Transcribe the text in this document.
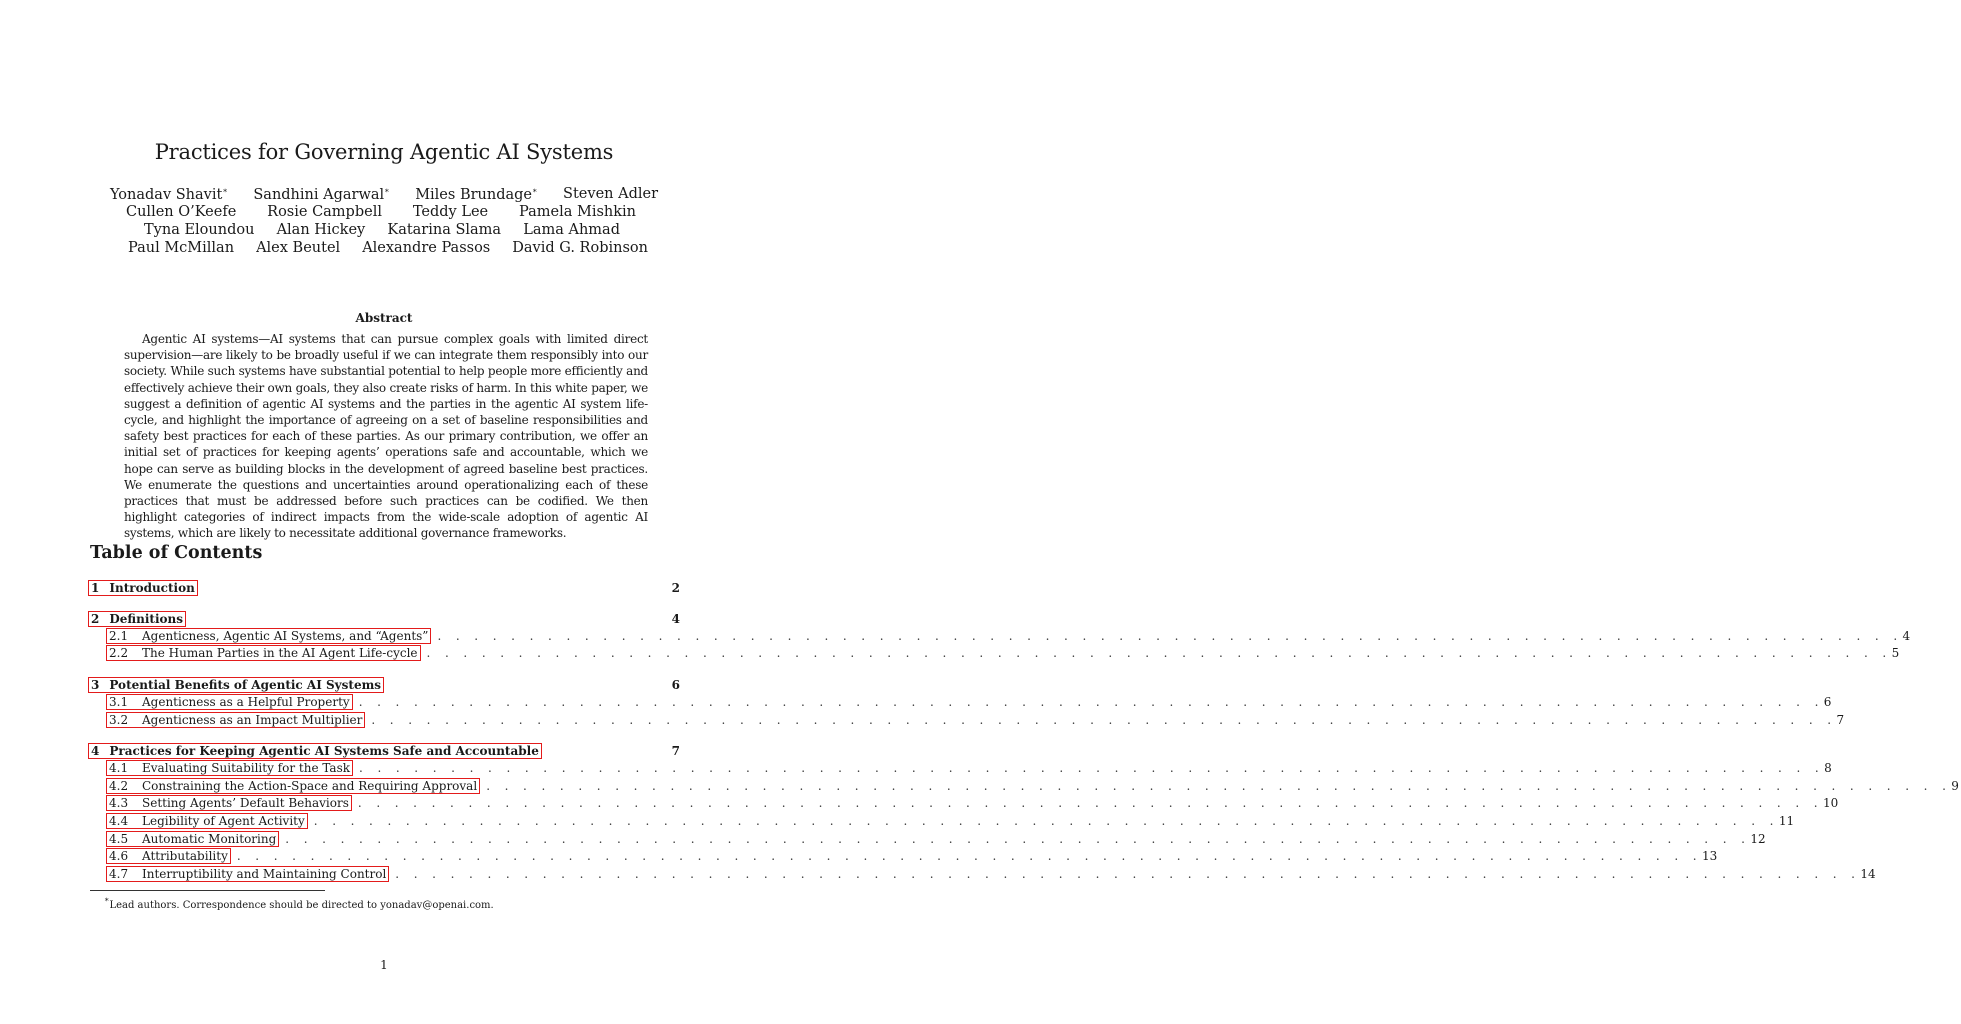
Practices for Governing Agentic AI Systems
Yonadav Shavit∗ Sandhini Agarwal∗ Miles Brundage∗ Steven Adler
Cullen O’Keefe Rosie Campbell Teddy Lee Pamela Mishkin
Tyna Eloundou Alan Hickey Katarina Slama Lama Ahmad
Paul McMillan Alex Beutel Alexandre Passos David G. Robinson
Abstract
Agentic AI systems—AI systems that can pursue complex goals with limited direct supervision—are likely to be broadly useful if we can integrate them responsibly into our society. While such systems have substantial potential to help people more efficiently and effectively achieve their own goals, they also create risks of harm. In this white paper, we suggest a definition of agentic AI systems and the parties in the agentic AI system life-cycle, and highlight the importance of agreeing on a set of baseline responsibilities and safety best practices for each of these parties. As our primary contribution, we offer an initial set of practices for keeping agents’ operations safe and accountable, which we hope can serve as building blocks in the development of agreed baseline best practices. We enumerate the questions and uncertainties around operationalizing each of these practices that must be addressed before such practices can be codified. We then highlight categories of indirect impacts from the wide-scale adoption of agentic AI systems, which are likely to necessitate additional governance frameworks.
Table of Contents
1 Introduction	2
2 Definitions	4
2.1	Agenticness, Agentic AI Systems, and “Agents” . . . . . . . . . . . . . . . . . . . . . . . . . . . . . . . . . . . . . . . . . . . . . . . . . . . . . . . . . . . . . . . . . . . . . . . . . . . . . . . . 4
2.2	The Human Parties in the AI Agent Life-cycle . . . . . . . . . . . . . . . . . . . . . . . . . . . . . . . . . . . . . . . . . . . . . . . . . . . . . . . . . . . . . . . . . . . . . . . . . . . . . . . . 5
3 Potential Benefits of Agentic AI Systems	6
3.1	Agenticness as a Helpful Property . . . . . . . . . . . . . . . . . . . . . . . . . . . . . . . . . . . . . . . . . . . . . . . . . . . . . . . . . . . . . . . . . . . . . . . . . . . . . . . . 6
3.2	Agenticness as an Impact Multiplier . . . . . . . . . . . . . . . . . . . . . . . . . . . . . . . . . . . . . . . . . . . . . . . . . . . . . . . . . . . . . . . . . . . . . . . . . . . . . . . . 7
4 Practices for Keeping Agentic AI Systems Safe and Accountable	7
4.1	Evaluating Suitability for the Task . . . . . . . . . . . . . . . . . . . . . . . . . . . . . . . . . . . . . . . . . . . . . . . . . . . . . . . . . . . . . . . . . . . . . . . . . . . . . . . . 8
4.2	Constraining the Action-Space and Requiring Approval . . . . . . . . . . . . . . . . . . . . . . . . . . . . . . . . . . . . . . . . . . . . . . . . . . . . . . . . . . . . . . . . . . . . . . . . . . . . . . . . 9
4.3	Setting Agents’ Default Behaviors . . . . . . . . . . . . . . . . . . . . . . . . . . . . . . . . . . . . . . . . . . . . . . . . . . . . . . . . . . . . . . . . . . . . . . . . . . . . . . . . 10
4.4	Legibility of Agent Activity . . . . . . . . . . . . . . . . . . . . . . . . . . . . . . . . . . . . . . . . . . . . . . . . . . . . . . . . . . . . . . . . . . . . . . . . . . . . . . . . 11
4.5	Automatic Monitoring . . . . . . . . . . . . . . . . . . . . . . . . . . . . . . . . . . . . . . . . . . . . . . . . . . . . . . . . . . . . . . . . . . . . . . . . . . . . . . . . 12
4.6	Attributability . . . . . . . . . . . . . . . . . . . . . . . . . . . . . . . . . . . . . . . . . . . . . . . . . . . . . . . . . . . . . . . . . . . . . . . . . . . . . . . . 13
4.7	Interruptibility and Maintaining Control . . . . . . . . . . . . . . . . . . . . . . . . . . . . . . . . . . . . . . . . . . . . . . . . . . . . . . . . . . . . . . . . . . . . . . . . . . . . . . . . 14
∗Lead authors. Correspondence should be directed to yonadav@openai.com.
1
